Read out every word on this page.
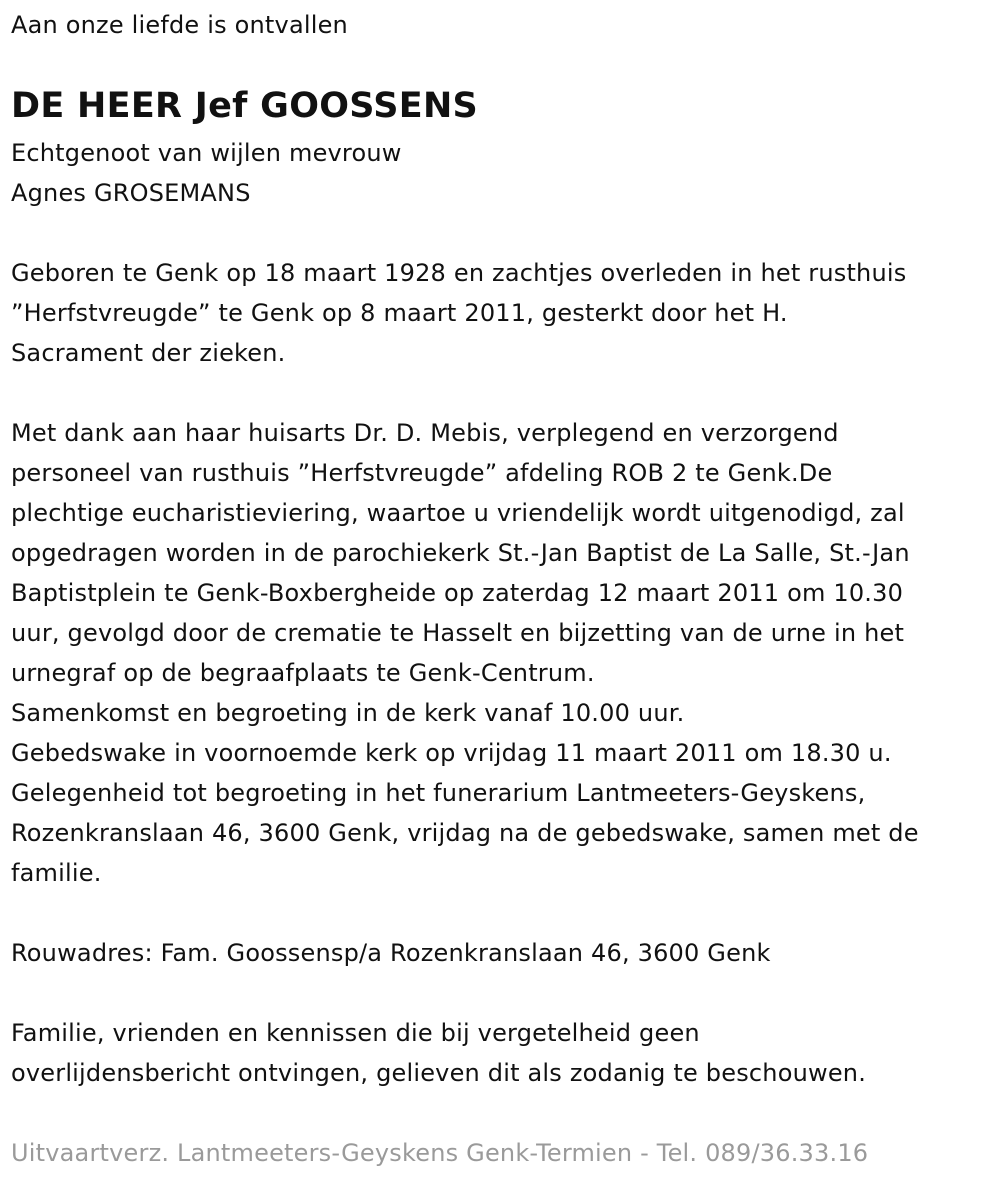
Aan onze liefde is ontvallen
DE HEER Jef GOOSSENS
Echtgenoot van wijlen mevrouw
Agnes GROSEMANS
Geboren te Genk op 18 maart 1928 en zachtjes overleden in het rusthuis
”Herfstvreugde” te Genk op 8 maart 2011, gesterkt door het H.
Sacrament der zieken.
Met dank aan haar huisarts Dr. D. Mebis, verplegend en verzorgend
personeel van rusthuis ”Herfstvreugde” afdeling ROB 2 te Genk.De
plechtige eucharistieviering, waartoe u vriendelijk wordt uitgenodigd, zal
opgedragen worden in de parochiekerk St.-Jan Baptist de La Salle, St.-Jan
Baptistplein te Genk-Boxbergheide op zaterdag 12 maart 2011 om 10.30
uur, gevolgd door de crematie te Hasselt en bijzetting van de urne in het
urnegraf op de begraafplaats te Genk-Centrum.
Samenkomst en begroeting in de kerk vanaf 10.00 uur.
Gebedswake in voornoemde kerk op vrijdag 11 maart 2011 om 18.30 u.
Gelegenheid tot begroeting in het funerarium Lantmeeters-Geyskens,
Rozenkranslaan 46, 3600 Genk, vrijdag na de gebedswake, samen met de
familie.
Rouwadres: Fam. Goossensp/a Rozenkranslaan 46, 3600 Genk
Familie, vrienden en kennissen die bij vergetelheid geen
overlijdensbericht ontvingen, gelieven dit als zodanig te beschouwen.
Uitvaartverz. Lantmeeters-Geyskens Genk-Termien - Tel. 089/36.33.16
